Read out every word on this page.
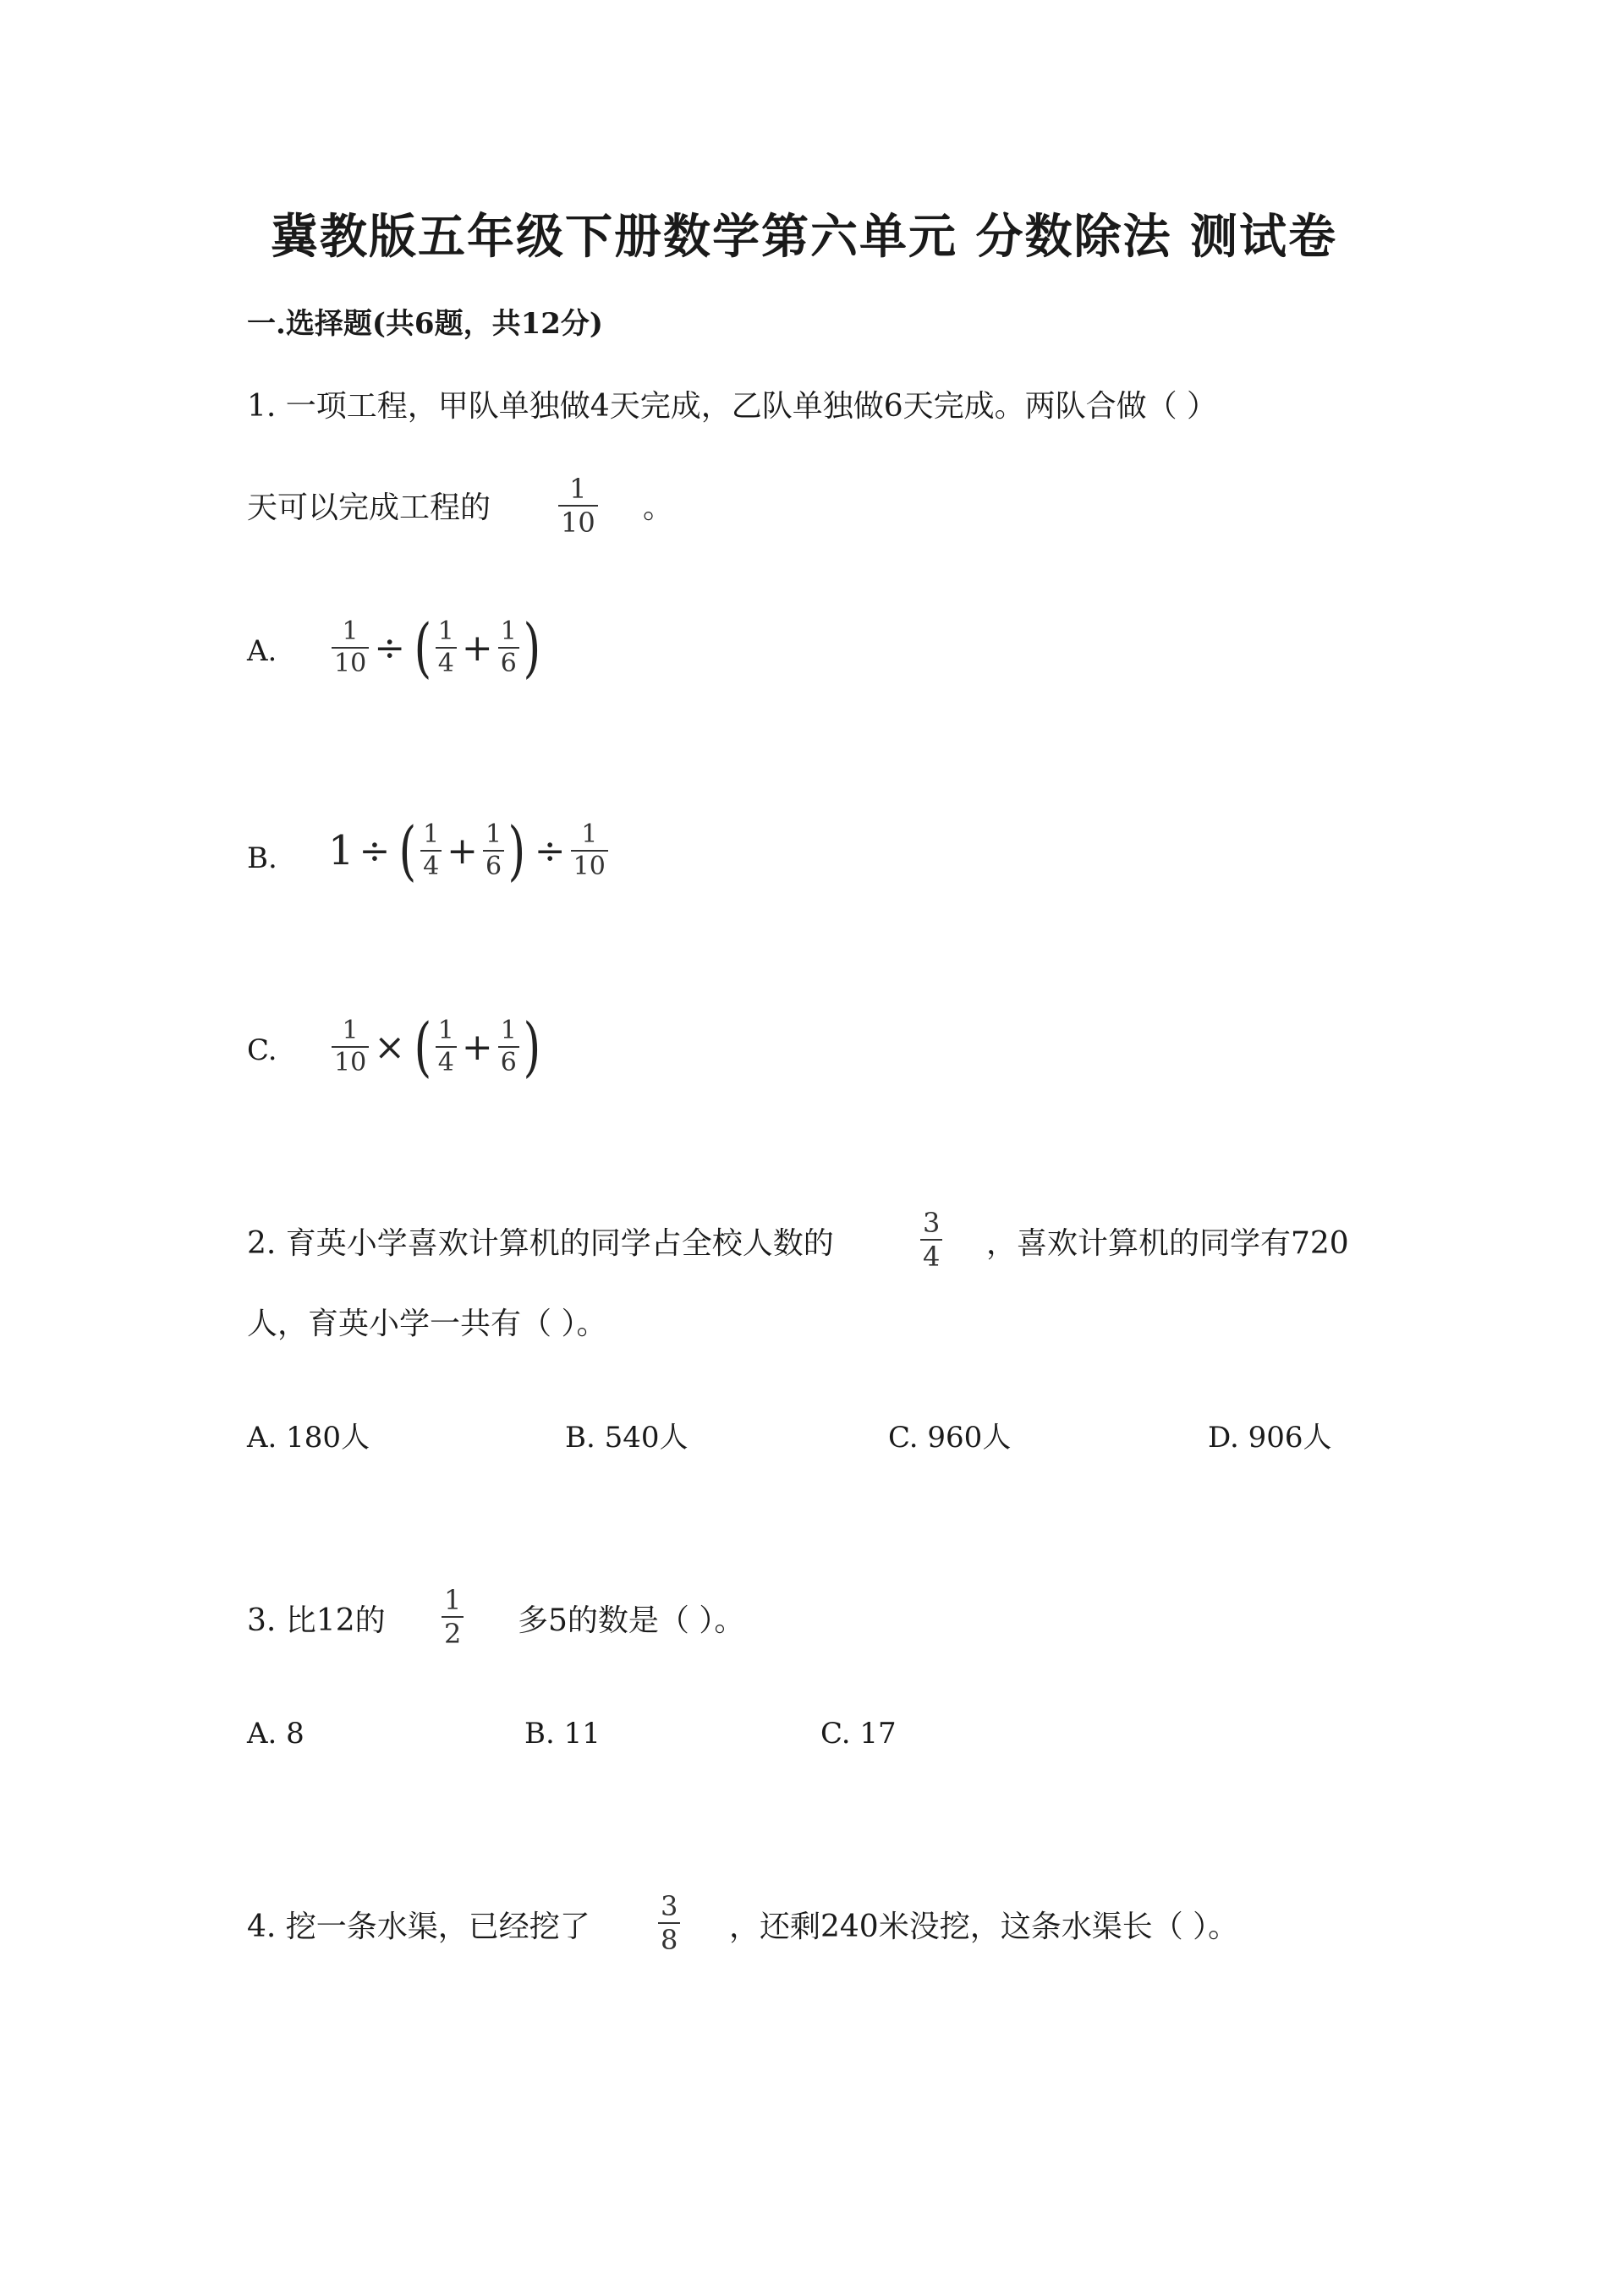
冀教版五年级下册数学第六单元 分数除法 测试卷
一.选择题(共6题，共12分)
1. 一项工程，甲队单独做4天完成，乙队单独做6天完成。两队合做（ ）
天可以完成工程的 $\frac{1}{10}$ 。
A. $\frac{1}{10}$ ÷ ( $\frac{1}{4} + \frac{1}{6}$ )
B. 1 ÷ ( $\frac{1}{4} + \frac{1}{6}$ ) ÷ $\frac{1}{10}$
C. $\frac{1}{10}$ × ( $\frac{1}{4} + \frac{1}{6}$ )
2. 育英小学喜欢计算机的同学占全校人数的	$\frac{3}{4}$ ，喜欢计算机的同学有720
人，育英小学一共有（ ）。
A. 180人	B. 540人	C. 960人	D. 906人
3. 比12的 $\frac{1}{2}$ 多5的数是（ ）。
A. 8	B. 11	C. 17
4. 挖一条水渠，已经挖了	$\frac{3}{8}$ ，还剩240米没挖，这条水渠长（ ）。
